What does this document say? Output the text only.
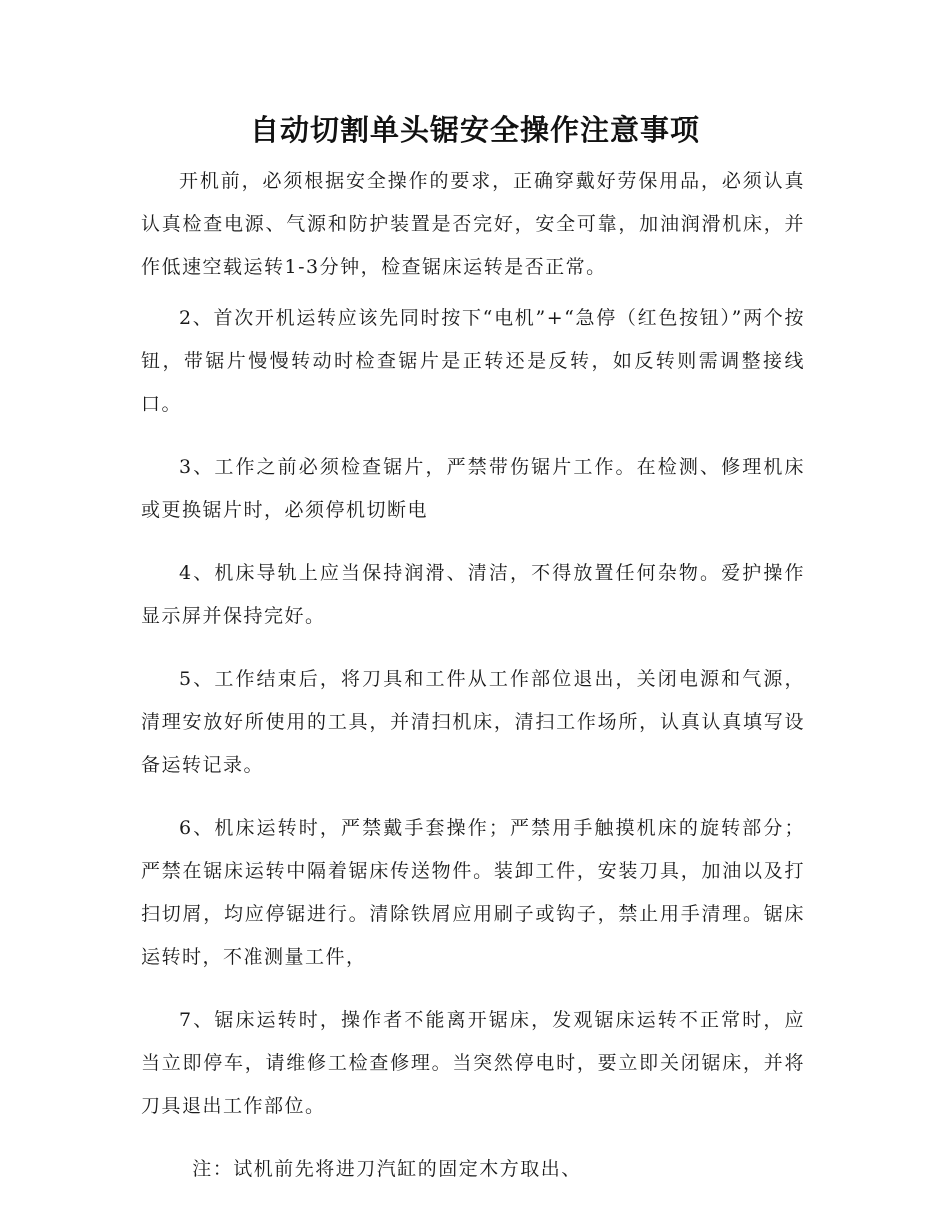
自动切割单头锯安全操作注意事项

开机前，必须根据安全操作的要求，正确穿戴好劳保用品，必须认真认真检查电源、气源和防护装置是否完好，安全可靠，加油润滑机床，并作低速空载运转1-3分钟，检查锯床运转是否正常。

2、首次开机运转应该先同时按下“电机”+“急停（红色按钮）”两个按钮，带锯片慢慢转动时检查锯片是正转还是反转，如反转则需调整接线口。

3、工作之前必须检查锯片，严禁带伤锯片工作。在检测、修理机床或更换锯片时，必须停机切断电

4、机床导轨上应当保持润滑、清洁，不得放置任何杂物。爱护操作显示屏并保持完好。

5、工作结束后，将刀具和工件从工作部位退出，关闭电源和气源，清理安放好所使用的工具，并清扫机床，清扫工作场所，认真认真填写设备运转记录。

6、机床运转时，严禁戴手套操作；严禁用手触摸机床的旋转部分；严禁在锯床运转中隔着锯床传送物件。装卸工件，安装刀具，加油以及打扫切屑，均应停锯进行。清除铁屑应用刷子或钩子，禁止用手清理。锯床运转时，不准测量工件，

7、锯床运转时，操作者不能离开锯床，发观锯床运转不正常时，应当立即停车，请维修工检查修理。当突然停电时，要立即关闭锯床，并将刀具退出工作部位。

注：试机前先将进刀汽缸的固定木方取出、
